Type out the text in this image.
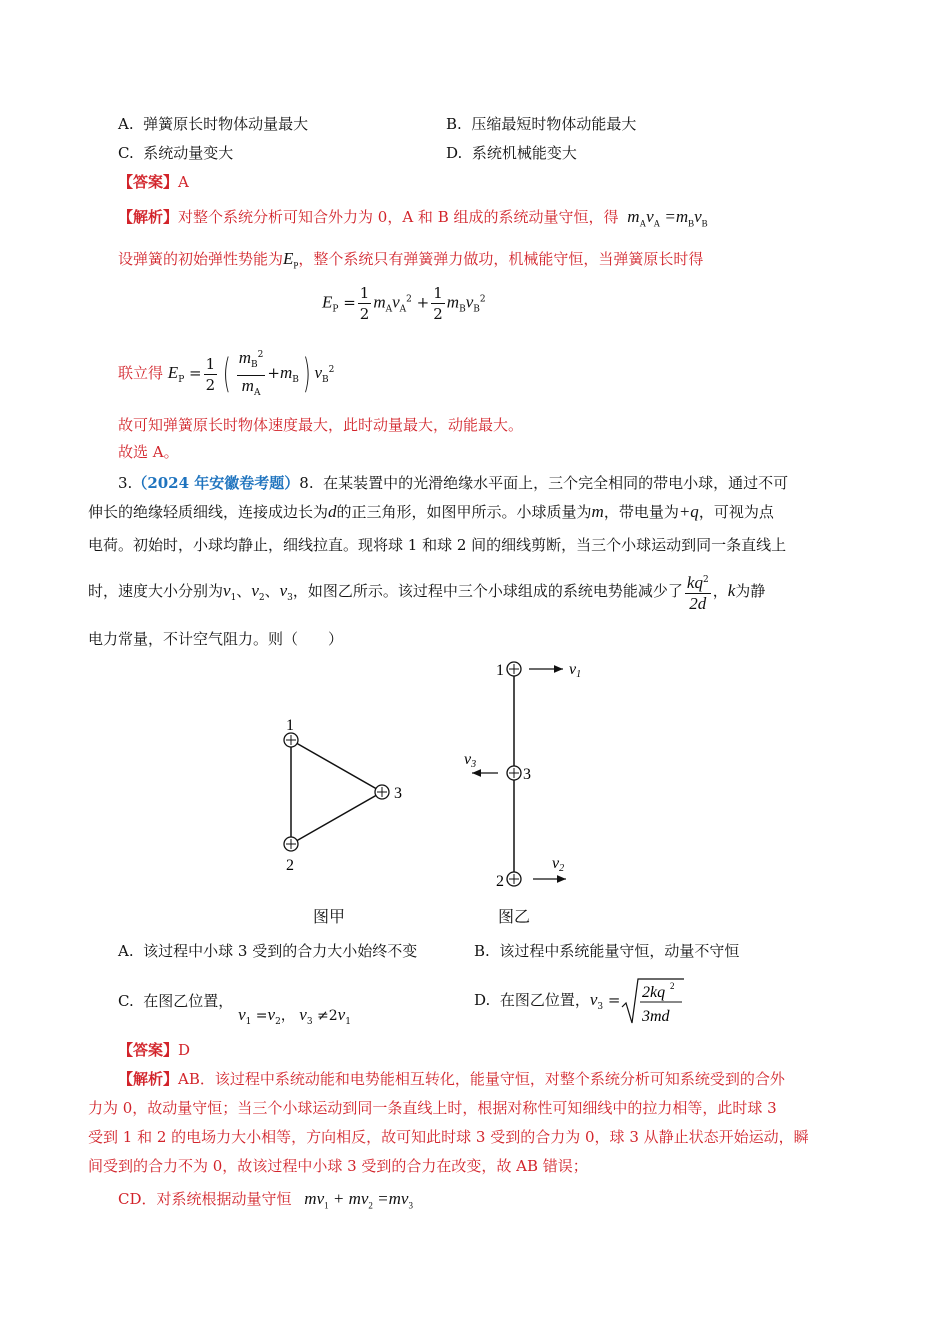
A. 弹簧原长时物体动量最大	B. 压缩最短时物体动能最大
C. 系统动量变大	D. 系统机械能变大
【答案】A
【解析】对整个系统分析可知合外力为 0，A 和 B 组成的系统动量守恒，得 $m_Av_A =m_Bv_B$
设弹簧的初始弹性势能为$E_P$，整个系统只有弹簧弹力做功，机械能守恒，当弹簧原长时得
$E_P = \frac{1}{2} m_Av_A^2 + \frac{1}{2} m_Bv_B^2$
联立得 $E_P = \frac{1}{2}$ ( $\frac{m_B^2}{m_A} +m_B$) $v_B^2$
故可知弹簧原长时物体速度最大，此时动量最大，动能最大。
故选 A。
3.（2024 年安徽卷考题）8. 在某装置中的光滑绝缘水平面上，三个完全相同的带电小球，通过不可
伸长的绝缘轻质细线，连接成边长为d的正三角形，如图甲所示。小球质量为m，带电量为+q，可视为点
电荷。初始时，小球均静止，细线拉直。现将球 1 和球 2 间的细线剪断，当三个小球运动到同一条直线上
时，速度大小分别为$v_1$、$v_2$、$v_3$，如图乙所示。该过程中三个小球组成的系统电势能减少了 $\frac{kq^2}{2d}$ ，k为静
电力常量，不计空气阻力。则（　　）
1
2
3
1
3
2
v1
v3
v2
图甲	图乙
A. 该过程中小球 3 受到的合力大小始终不变	B. 该过程中系统能量守恒，动量不守恒
C. 在图乙位置， $v_1 =v_2$， $v_3 \ne 2v_1$
D. 在图乙位置，$v_3 = 2kq$ 2
3md
【答案】D
【解析】AB．该过程中系统动能和电势能相互转化，能量守恒，对整个系统分析可知系统受到的合外
力为 0，故动量守恒；当三个小球运动到同一条直线上时，根据对称性可知细线中的拉力相等，此时球 3
受到 1 和 2 的电场力大小相等，方向相反，故可知此时球 3 受到的合力为 0，球 3 从静止状态开始运动，瞬
间受到的合力不为 0，故该过程中小球 3 受到的合力在改变，故 AB 错误；
CD．对系统根据动量守恒 $mv_1 + mv_2 =mv_3$
